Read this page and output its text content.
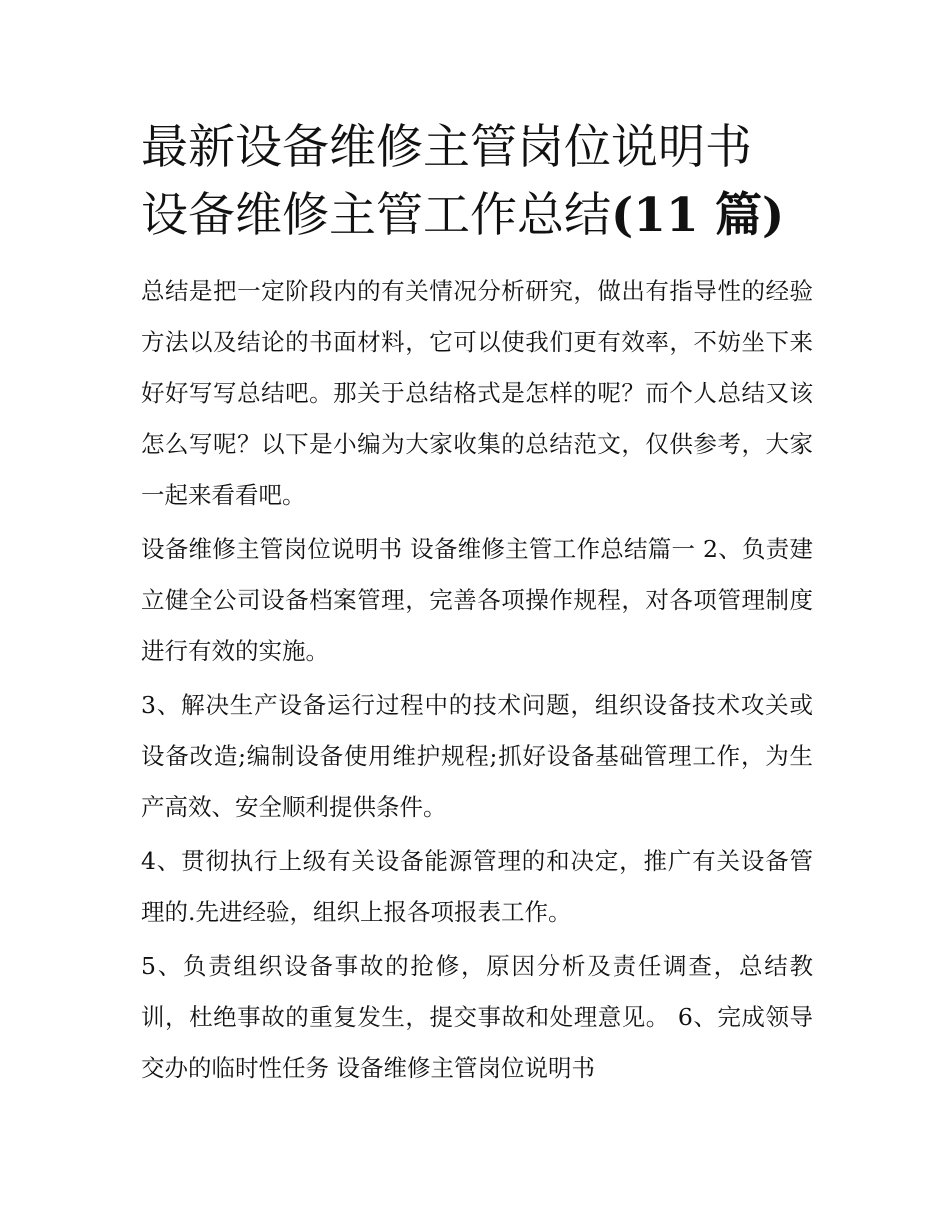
最新设备维修主管岗位说明书
设备维修主管工作总结(11 篇)

总结是把一定阶段内的有关情况分析研究，做出有指导性的经验方法以及结论的书面材料，它可以使我们更有效率，不妨坐下来好好写写总结吧。那关于总结格式是怎样的呢？而个人总结又该怎么写呢？以下是小编为大家收集的总结范文，仅供参考，大家一起来看看吧。

设备维修主管岗位说明书 设备维修主管工作总结篇一 2、负责建立健全公司设备档案管理，完善各项操作规程，对各项管理制度进行有效的实施。

3、解决生产设备运行过程中的技术问题，组织设备技术攻关或设备改造;编制设备使用维护规程;抓好设备基础管理工作，为生产高效、安全顺利提供条件。

4、贯彻执行上级有关设备能源管理的和决定，推广有关设备管理的.先进经验，组织上报各项报表工作。

5、负责组织设备事故的抢修，原因分析及责任调查，总结教训，杜绝事故的重复发生，提交事故和处理意见。 6、完成领导交办的临时性任务 设备维修主管岗位说明书
